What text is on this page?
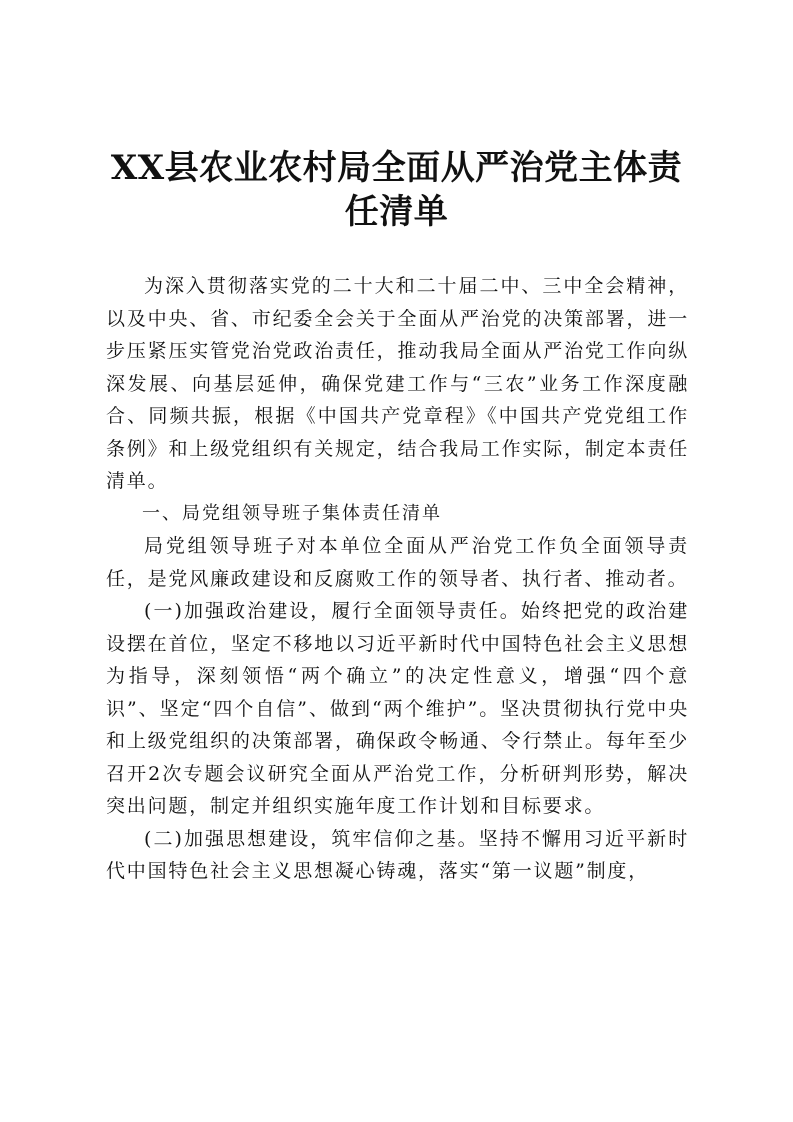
XX县农业农村局全面从严治党主体责任清单

为深入贯彻落实党的二十大和二十届二中、三中全会精神，以及中央、省、市纪委全会关于全面从严治党的决策部署，进一步压紧压实管党治党政治责任，推动我局全面从严治党工作向纵深发展、向基层延伸，确保党建工作与“三农”业务工作深度融合、同频共振，根据《中国共产党章程》《中国共产党党组工作条例》和上级党组织有关规定，结合我局工作实际，制定本责任清单。

一、局党组领导班子集体责任清单

局党组领导班子对本单位全面从严治党工作负全面领导责任，是党风廉政建设和反腐败工作的领导者、执行者、推动者。

(一)加强政治建设，履行全面领导责任。始终把党的政治建设摆在首位，坚定不移地以习近平新时代中国特色社会主义思想为指导，深刻领悟“两个确立”的决定性意义，增强“四个意识”、坚定“四个自信”、做到“两个维护”。坚决贯彻执行党中央和上级党组织的决策部署，确保政令畅通、令行禁止。每年至少召开2次专题会议研究全面从严治党工作，分析研判形势，解决突出问题，制定并组织实施年度工作计划和目标要求。

(二)加强思想建设，筑牢信仰之基。坚持不懈用习近平新时代中国特色社会主义思想凝心铸魂，落实“第一议题”制度，
